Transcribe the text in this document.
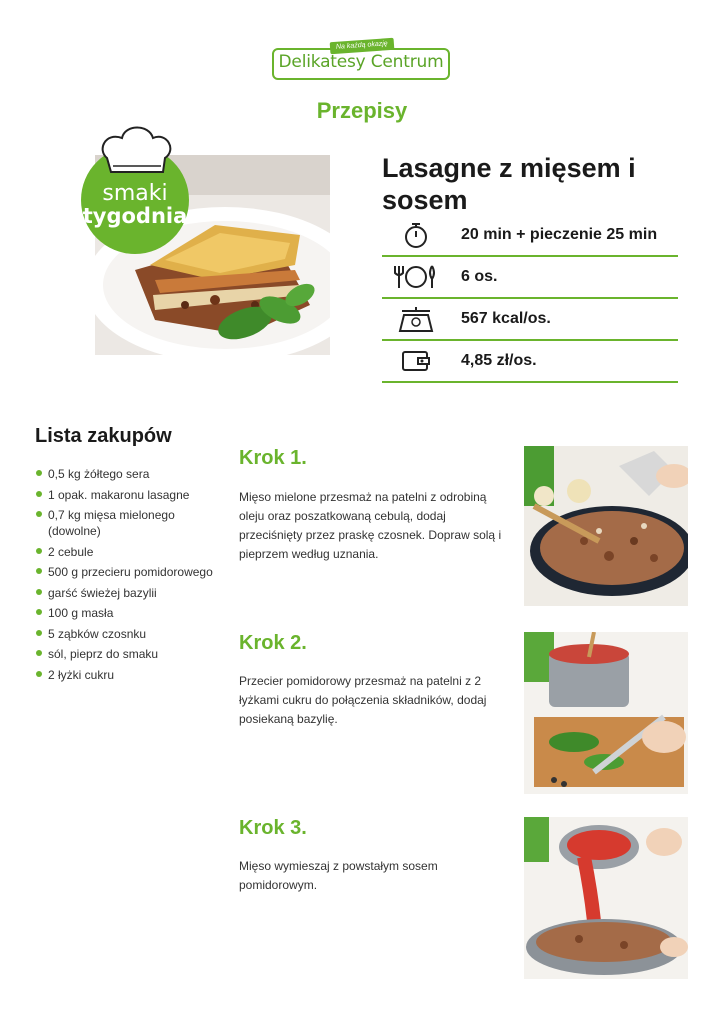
Delikatesy Centrum
Na każdą okazję
Przepisy
smaki
tygodnia
Lasagne z mięsem i sosem
20 min + pieczenie 25 min
6 os.
567 kcal/os.
4,85 zł/os.
Lista zakupów
0,5 kg żółtego sera
1 opak. makaronu lasagne
0,7 kg mięsa mielonego (dowolne)
2 cebule
500 g przecieru pomidorowego
garść świeżej bazylii
100 g masła
5 ząbków czosnku
sól, pieprz do smaku
2 łyżki cukru
Krok 1.
Mięso mielone przesmaż na patelni z odrobiną oleju oraz poszatkowaną cebulą, dodaj przeciśnięty przez praskę czosnek. Dopraw solą i pieprzem według uznania.
Krok 2.
Przecier pomidorowy przesmaż na patelni z 2 łyżkami cukru do połączenia składników, dodaj posiekaną bazylię.
Krok 3.
Mięso wymieszaj z powstałym sosem pomidorowym.
